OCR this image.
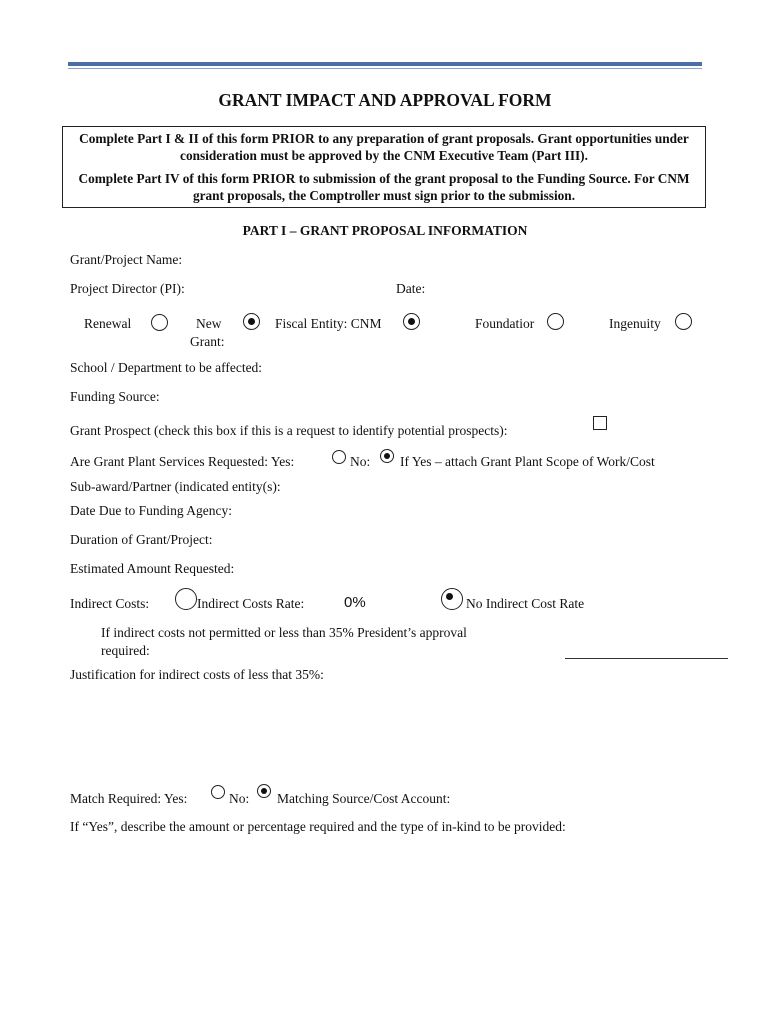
GRANT IMPACT AND APPROVAL FORM

Complete Part I & II of this form PRIOR to any preparation of grant proposals. Grant opportunities under consideration must be approved by the CNM Executive Team (Part III).

Complete Part IV of this form PRIOR to submission of the grant proposal to the Funding Source. For CNM grant proposals, the Comptroller must sign prior to the submission.

PART I – GRANT PROPOSAL INFORMATION
Grant/Project Name:
Project Director (PI):	Date:
Renewal	New
Grant:
Fiscal Entity: CNM	Foundatior	Ingenuity
School / Department to be affected:
Funding Source:
Grant Prospect (check this box if this is a request to identify potential prospects):
Are Grant Plant Services Requested: Yes:	No: If Yes – attach Grant Plant Scope of Work/Cost
Sub-award/Partner (indicated entity(s):
Date Due to Funding Agency:
Duration of Grant/Project:
Estimated Amount Requested:
Indirect Costs:	Indirect Costs Rate:	0%	No Indirect Cost Rate
If indirect costs not permitted or less than 35% President’s approval
required:
Justification for indirect costs of less that 35%:
Match Required: Yes:	No: Matching Source/Cost Account:
If “Yes”, describe the amount or percentage required and the type of in-kind to be provided:
